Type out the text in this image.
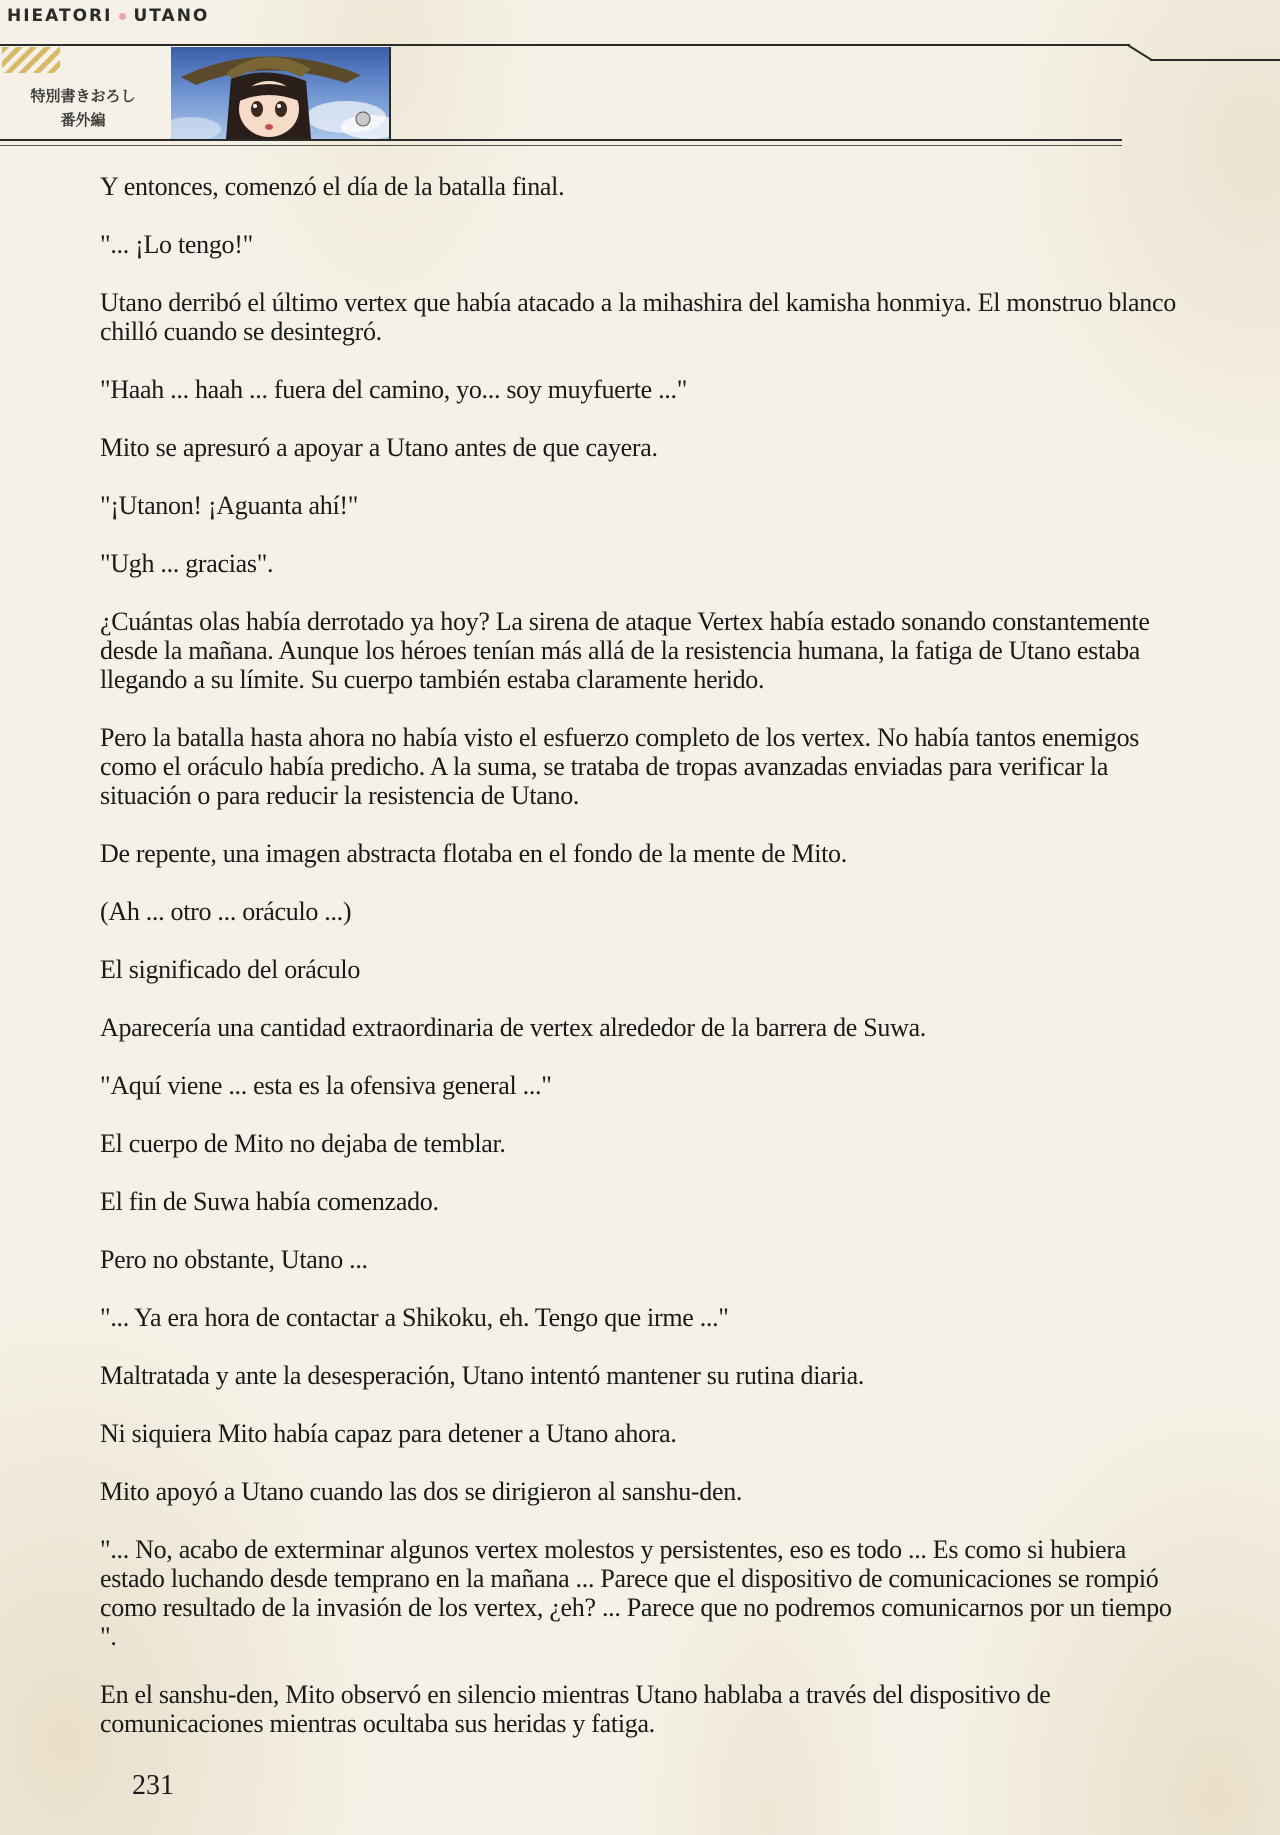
HIEATORI UTANO
特別書きおろし
番外編

Y entonces, comenzó el día de la batalla final.

"... ¡Lo tengo!"

Utano derribó el último vertex que había atacado a la mihashira del kamisha honmiya. El monstruo blanco chilló cuando se desintegró.

"Haah ... haah ... fuera del camino, yo... soy muyfuerte ..."

Mito se apresuró a apoyar a Utano antes de que cayera.

"¡Utanon! ¡Aguanta ahí!"

"Ugh ... gracias".

¿Cuántas olas había derrotado ya hoy? La sirena de ataque Vertex había estado sonando constantemente desde la mañana. Aunque los héroes tenían más allá de la resistencia humana, la fatiga de Utano estaba llegando a su límite. Su cuerpo también estaba claramente herido.

Pero la batalla hasta ahora no había visto el esfuerzo completo de los vertex. No había tantos enemigos como el oráculo había predicho. A la suma, se trataba de tropas avanzadas enviadas para verificar la situación o para reducir la resistencia de Utano.

De repente, una imagen abstracta flotaba en el fondo de la mente de Mito.

(Ah ... otro ... oráculo ...)

El significado del oráculo

Aparecería una cantidad extraordinaria de vertex alrededor de la barrera de Suwa.

"Aquí viene ... esta es la ofensiva general ..."

El cuerpo de Mito no dejaba de temblar.

El fin de Suwa había comenzado.

Pero no obstante, Utano ...

"... Ya era hora de contactar a Shikoku, eh. Tengo que irme ..."

Maltratada y ante la desesperación, Utano intentó mantener su rutina diaria.

Ni siquiera Mito había capaz para detener a Utano ahora.

Mito apoyó a Utano cuando las dos se dirigieron al sanshu-den.

"... No, acabo de exterminar algunos vertex molestos y persistentes, eso es todo ... Es como si hubiera estado luchando desde temprano en la mañana ... Parece que el dispositivo de comunicaciones se rompió como resultado de la invasión de los vertex, ¿eh? ... Parece que no podremos comunicarnos por un tiempo ".

En el sanshu-den, Mito observó en silencio mientras Utano hablaba a través del dispositivo de comunicaciones mientras ocultaba sus heridas y fatiga.

231
